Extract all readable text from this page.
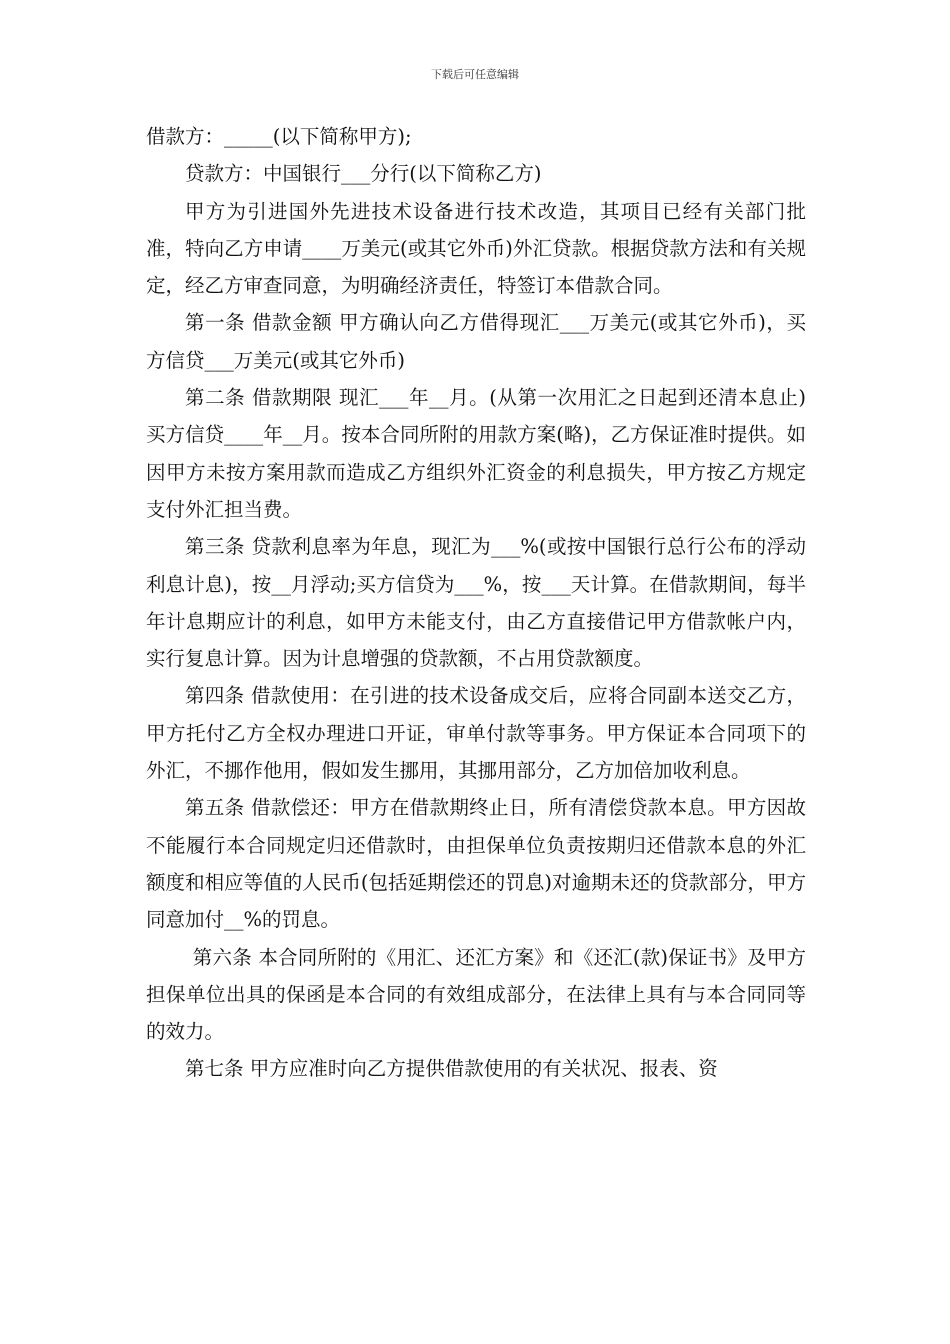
下载后可任意编辑

借款方：_____(以下简称甲方);

贷款方：中国银行___分行(以下简称乙方)

甲方为引进国外先进技术设备进行技术改造，其项目已经有关部门批准，特向乙方申请____万美元(或其它外币)外汇贷款。根据贷款方法和有关规定，经乙方审查同意，为明确经济责任，特签订本借款合同。

第一条 借款金额 甲方确认向乙方借得现汇___万美元(或其它外币)，买方信贷___万美元(或其它外币)

第二条 借款期限 现汇___年__月。(从第一次用汇之日起到还清本息止)买方信贷____年__月。按本合同所附的用款方案(略)，乙方保证准时提供。如因甲方未按方案用款而造成乙方组织外汇资金的利息损失，甲方按乙方规定支付外汇担当费。

第三条 贷款利息率为年息，现汇为___%(或按中国银行总行公布的浮动利息计息)，按__月浮动;买方信贷为___%，按___天计算。在借款期间，每半年计息期应计的利息，如甲方未能支付，由乙方直接借记甲方借款帐户内，实行复息计算。因为计息增强的贷款额，不占用贷款额度。

第四条 借款使用：在引进的技术设备成交后，应将合同副本送交乙方，甲方托付乙方全权办理进口开证，审单付款等事务。甲方保证本合同项下的外汇，不挪作他用，假如发生挪用，其挪用部分，乙方加倍加收利息。

第五条 借款偿还：甲方在借款期终止日，所有清偿贷款本息。甲方因故不能履行本合同规定归还借款时，由担保单位负责按期归还借款本息的外汇额度和相应等值的人民币(包括延期偿还的罚息)对逾期未还的贷款部分，甲方同意加付__%的罚息。

第六条 本合同所附的《用汇、还汇方案》和《还汇(款)保证书》及甲方担保单位出具的保函是本合同的有效组成部分，在法律上具有与本合同同等的效力。

第七条 甲方应准时向乙方提供借款使用的有关状况、报表、资
